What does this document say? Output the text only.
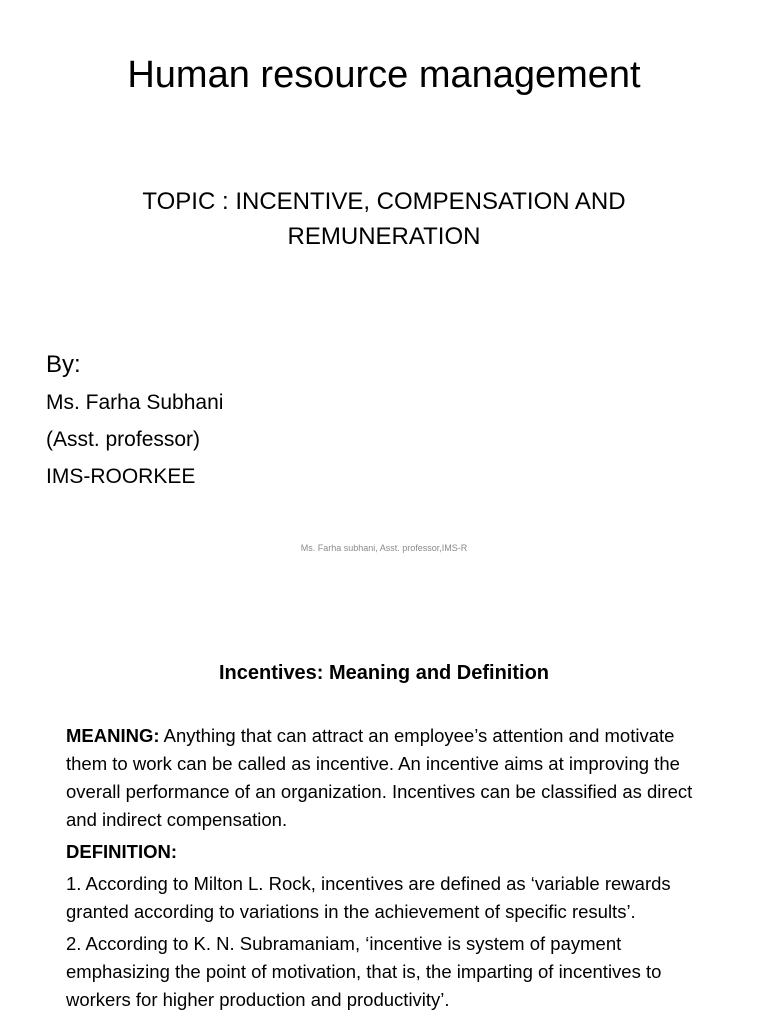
Human resource management
TOPIC : INCENTIVE, COMPENSATION AND
REMUNERATION
By:
Ms. Farha Subhani
(Asst. professor)
IMS-ROORKEE
Ms. Farha subhani, Asst. professor,IMS-R
Incentives: Meaning and Definition

MEANING: Anything that can attract an employee’s attention and motivate them to work can be called as incentive. An incentive aims at improving the overall performance of an organization. Incentives can be classified as direct and indirect compensation.

DEFINITION:

1. According to Milton L. Rock, incentives are defined as ‘variable rewards granted according to variations in the achievement of specific results’.

2. According to K. N. Subramaniam, ‘incentive is system of payment emphasizing the point of motivation, that is, the imparting of incentives to workers for higher production and productivity’.
